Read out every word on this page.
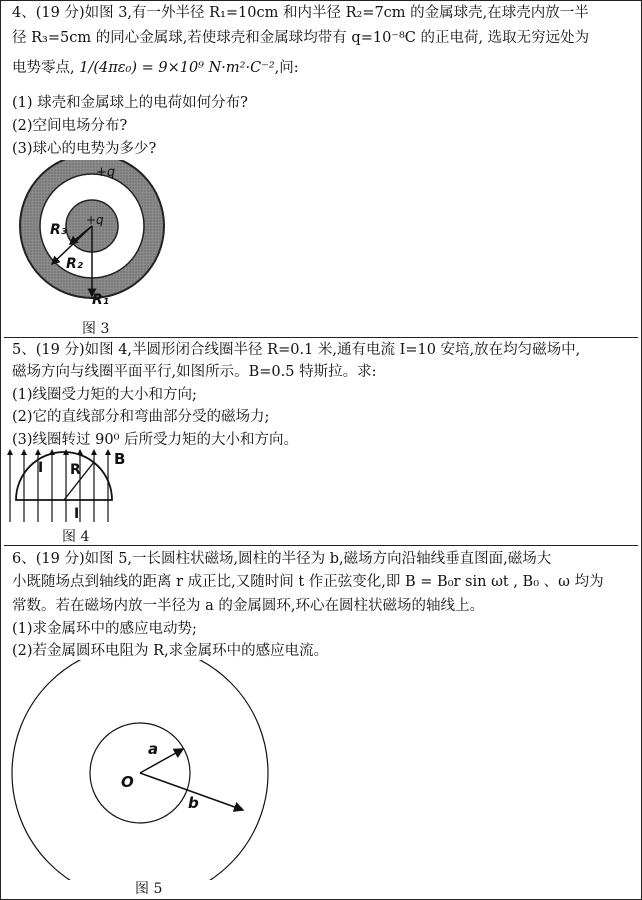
4、(19 分)如图 3,有一外半径 R₁=10cm 和内半径 R₂=7cm 的金属球壳,在球壳内放一半
径 R₃=5cm 的同心金属球,若使球壳和金属球均带有 q=10⁻⁸C 的正电荷, 选取无穷远处为
电势零点, 1/(4πε₀) = 9×10⁹ N·m²·C⁻²,问:
(1) 球壳和金属球上的电荷如何分布?
(2)空间电场分布?
(3)球心的电势为多少?
+q
+q
R₃
R₂
R₁
图 3
5、(19 分)如图 4,半圆形闭合线圈半径 R=0.1 米,通有电流 I=10 安培,放在均匀磁场中,
磁场方向与线圈平面平行,如图所示。B=0.5 特斯拉。求:
(1)线圈受力矩的大小和方向;
(2)它的直线部分和弯曲部分受的磁场力;
(3)线圈转过 90⁰ 后所受力矩的大小和方向。
I R
I
B
图 4
6、(19 分)如图 5,一长圆柱状磁场,圆柱的半径为 b,磁场方向沿轴线垂直图面,磁场大
小既随场点到轴线的距离 r 成正比,又随时间 t 作正弦变化,即 B = B₀r sin ωt , B₀ 、ω 均为
常数。若在磁场内放一半径为 a 的金属圆环,环心在圆柱状磁场的轴线上。
(1)求金属环中的感应电动势;
(2)若金属圆环电阻为 R,求金属环中的感应电流。
a
O
b
图 5
